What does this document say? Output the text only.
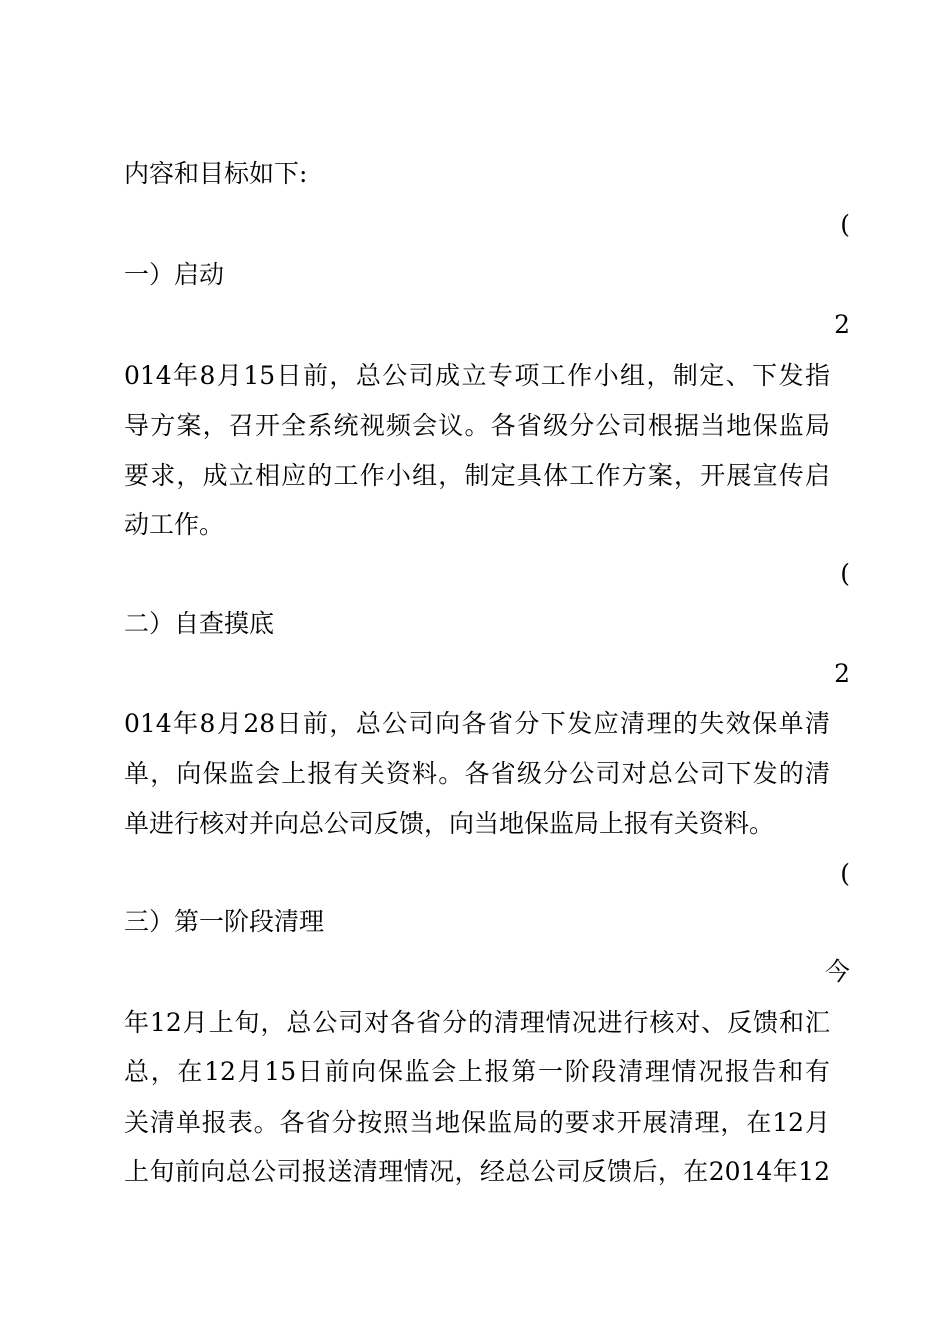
内容和目标如下:
(
一）启动
2
014年8月15日前，总公司成立专项工作小组，制定、下发指
导方案，召开全系统视频会议。各省级分公司根据当地保监局
要求，成立相应的工作小组，制定具体工作方案，开展宣传启
动工作。
(
二）自查摸底
2
014年8月28日前，总公司向各省分下发应清理的失效保单清
单，向保监会上报有关资料。各省级分公司对总公司下发的清
单进行核对并向总公司反馈，向当地保监局上报有关资料。
(
三）第一阶段清理
今
年12月上旬，总公司对各省分的清理情况进行核对、反馈和汇
总，在12月15日前向保监会上报第一阶段清理情况报告和有
关清单报表。各省分按照当地保监局的要求开展清理，在12月
上旬前向总公司报送清理情况，经总公司反馈后，在2014年12
